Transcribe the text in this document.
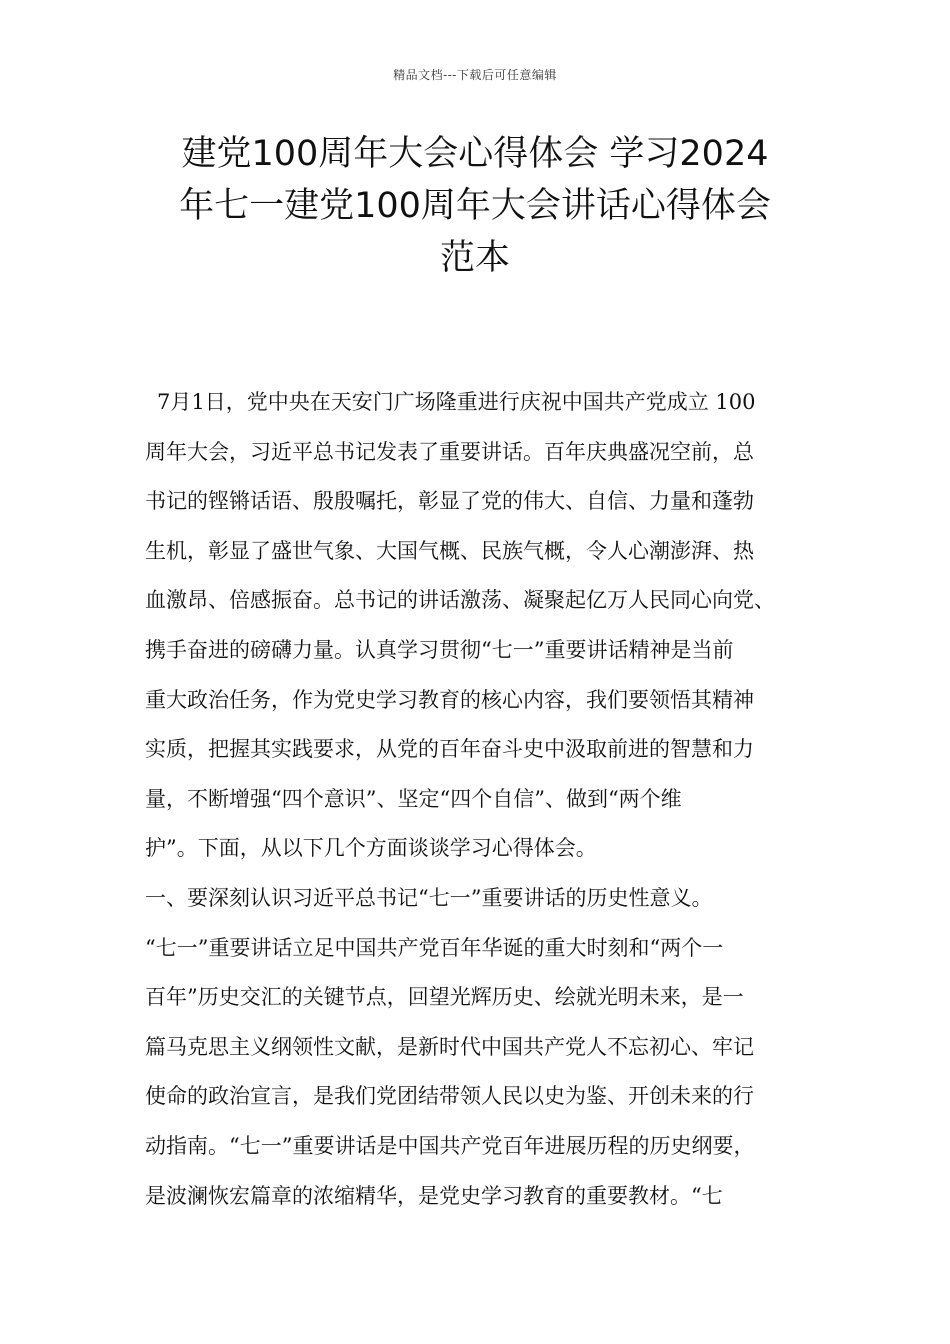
精品文档---下载后可任意编辑
建党100周年大会心得体会 学习2024
年七一建党100周年大会讲话心得体会
范本
7月1日，党中央在天安门广场隆重进行庆祝中国共产党成立 100
周年大会，习近平总书记发表了重要讲话。百年庆典盛况空前，总
书记的铿锵话语、殷殷嘱托，彰显了党的伟大、自信、力量和蓬勃
生机，彰显了盛世气象、大国气概、民族气概，令人心潮澎湃、热
血激昂、倍感振奋。总书记的讲话激荡、凝聚起亿万人民同心向党、
携手奋进的磅礴力量。认真学习贯彻“七一”重要讲话精神是当前
重大政治任务，作为党史学习教育的核心内容，我们要领悟其精神
实质，把握其实践要求，从党的百年奋斗史中汲取前进的智慧和力
量，不断增强“四个意识”、坚定“四个自信”、做到“两个维
护”。下面，从以下几个方面谈谈学习心得体会。
一、要深刻认识习近平总书记“七一”重要讲话的历史性意义。
“七一”重要讲话立足中国共产党百年华诞的重大时刻和“两个一
百年”历史交汇的关键节点，回望光辉历史、绘就光明未来，是一
篇马克思主义纲领性文献，是新时代中国共产党人不忘初心、牢记
使命的政治宣言，是我们党团结带领人民以史为鉴、开创未来的行
动指南。“七一”重要讲话是中国共产党百年进展历程的历史纲要，
是波澜恢宏篇章的浓缩精华，是党史学习教育的重要教材。“七
